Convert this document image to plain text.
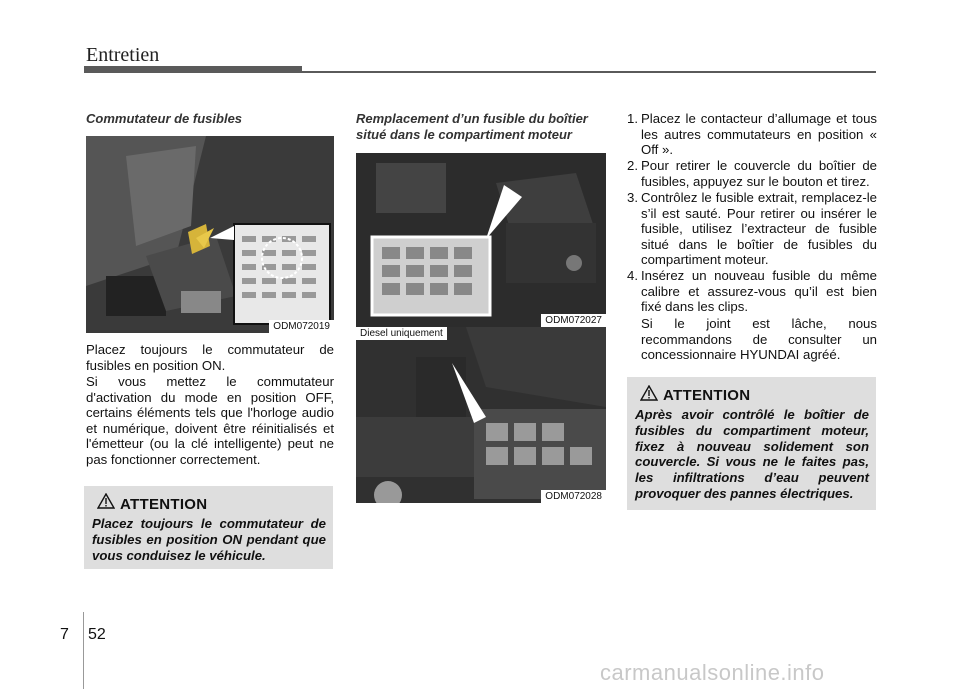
Entretien
Commutateur de fusibles
ODM072019

Placez toujours le commutateur de fusibles en position ON.

Si vous mettez le commutateur d'activation du mode en position OFF, certains éléments tels que l'horloge audio et numérique, doivent être réinitialisés et l'émetteur (ou la clé intelligente) peut ne pas fonctionner correctement.

ATTENTION

Placez toujours le commutateur de fusibles en position ON pendant que vous conduisez le véhicule.

Remplacement d’un fusible du boîtier situé dans le compartiment moteur
ODM072027
Diesel uniquement
ODM072028
1. Placez le contacteur d’allumage et tous les autres commutateurs en position « Off ».
2. Pour retirer le couvercle du boîtier de fusibles, appuyez sur le bouton et tirez.
3. Contrôlez le fusible extrait, remplacez-le s’il est sauté. Pour retirer ou insérer le fusible, utilisez l’extracteur de fusible situé dans le boîtier de fusibles du compartiment moteur.
4. Insérez un nouveau fusible du même calibre et assurez-vous qu’il est bien fixé dans les clips.

Si le joint est lâche, nous recommandons de consulter un concessionnaire HYUNDAI agréé.

ATTENTION

Après avoir contrôlé le boîtier de fusibles du compartiment moteur, fixez à nouveau solidement son couvercle. Si vous ne le faites pas, les infiltrations d’eau peuvent provoquer des pannes électriques.

7 52
carmanualsonline.info
